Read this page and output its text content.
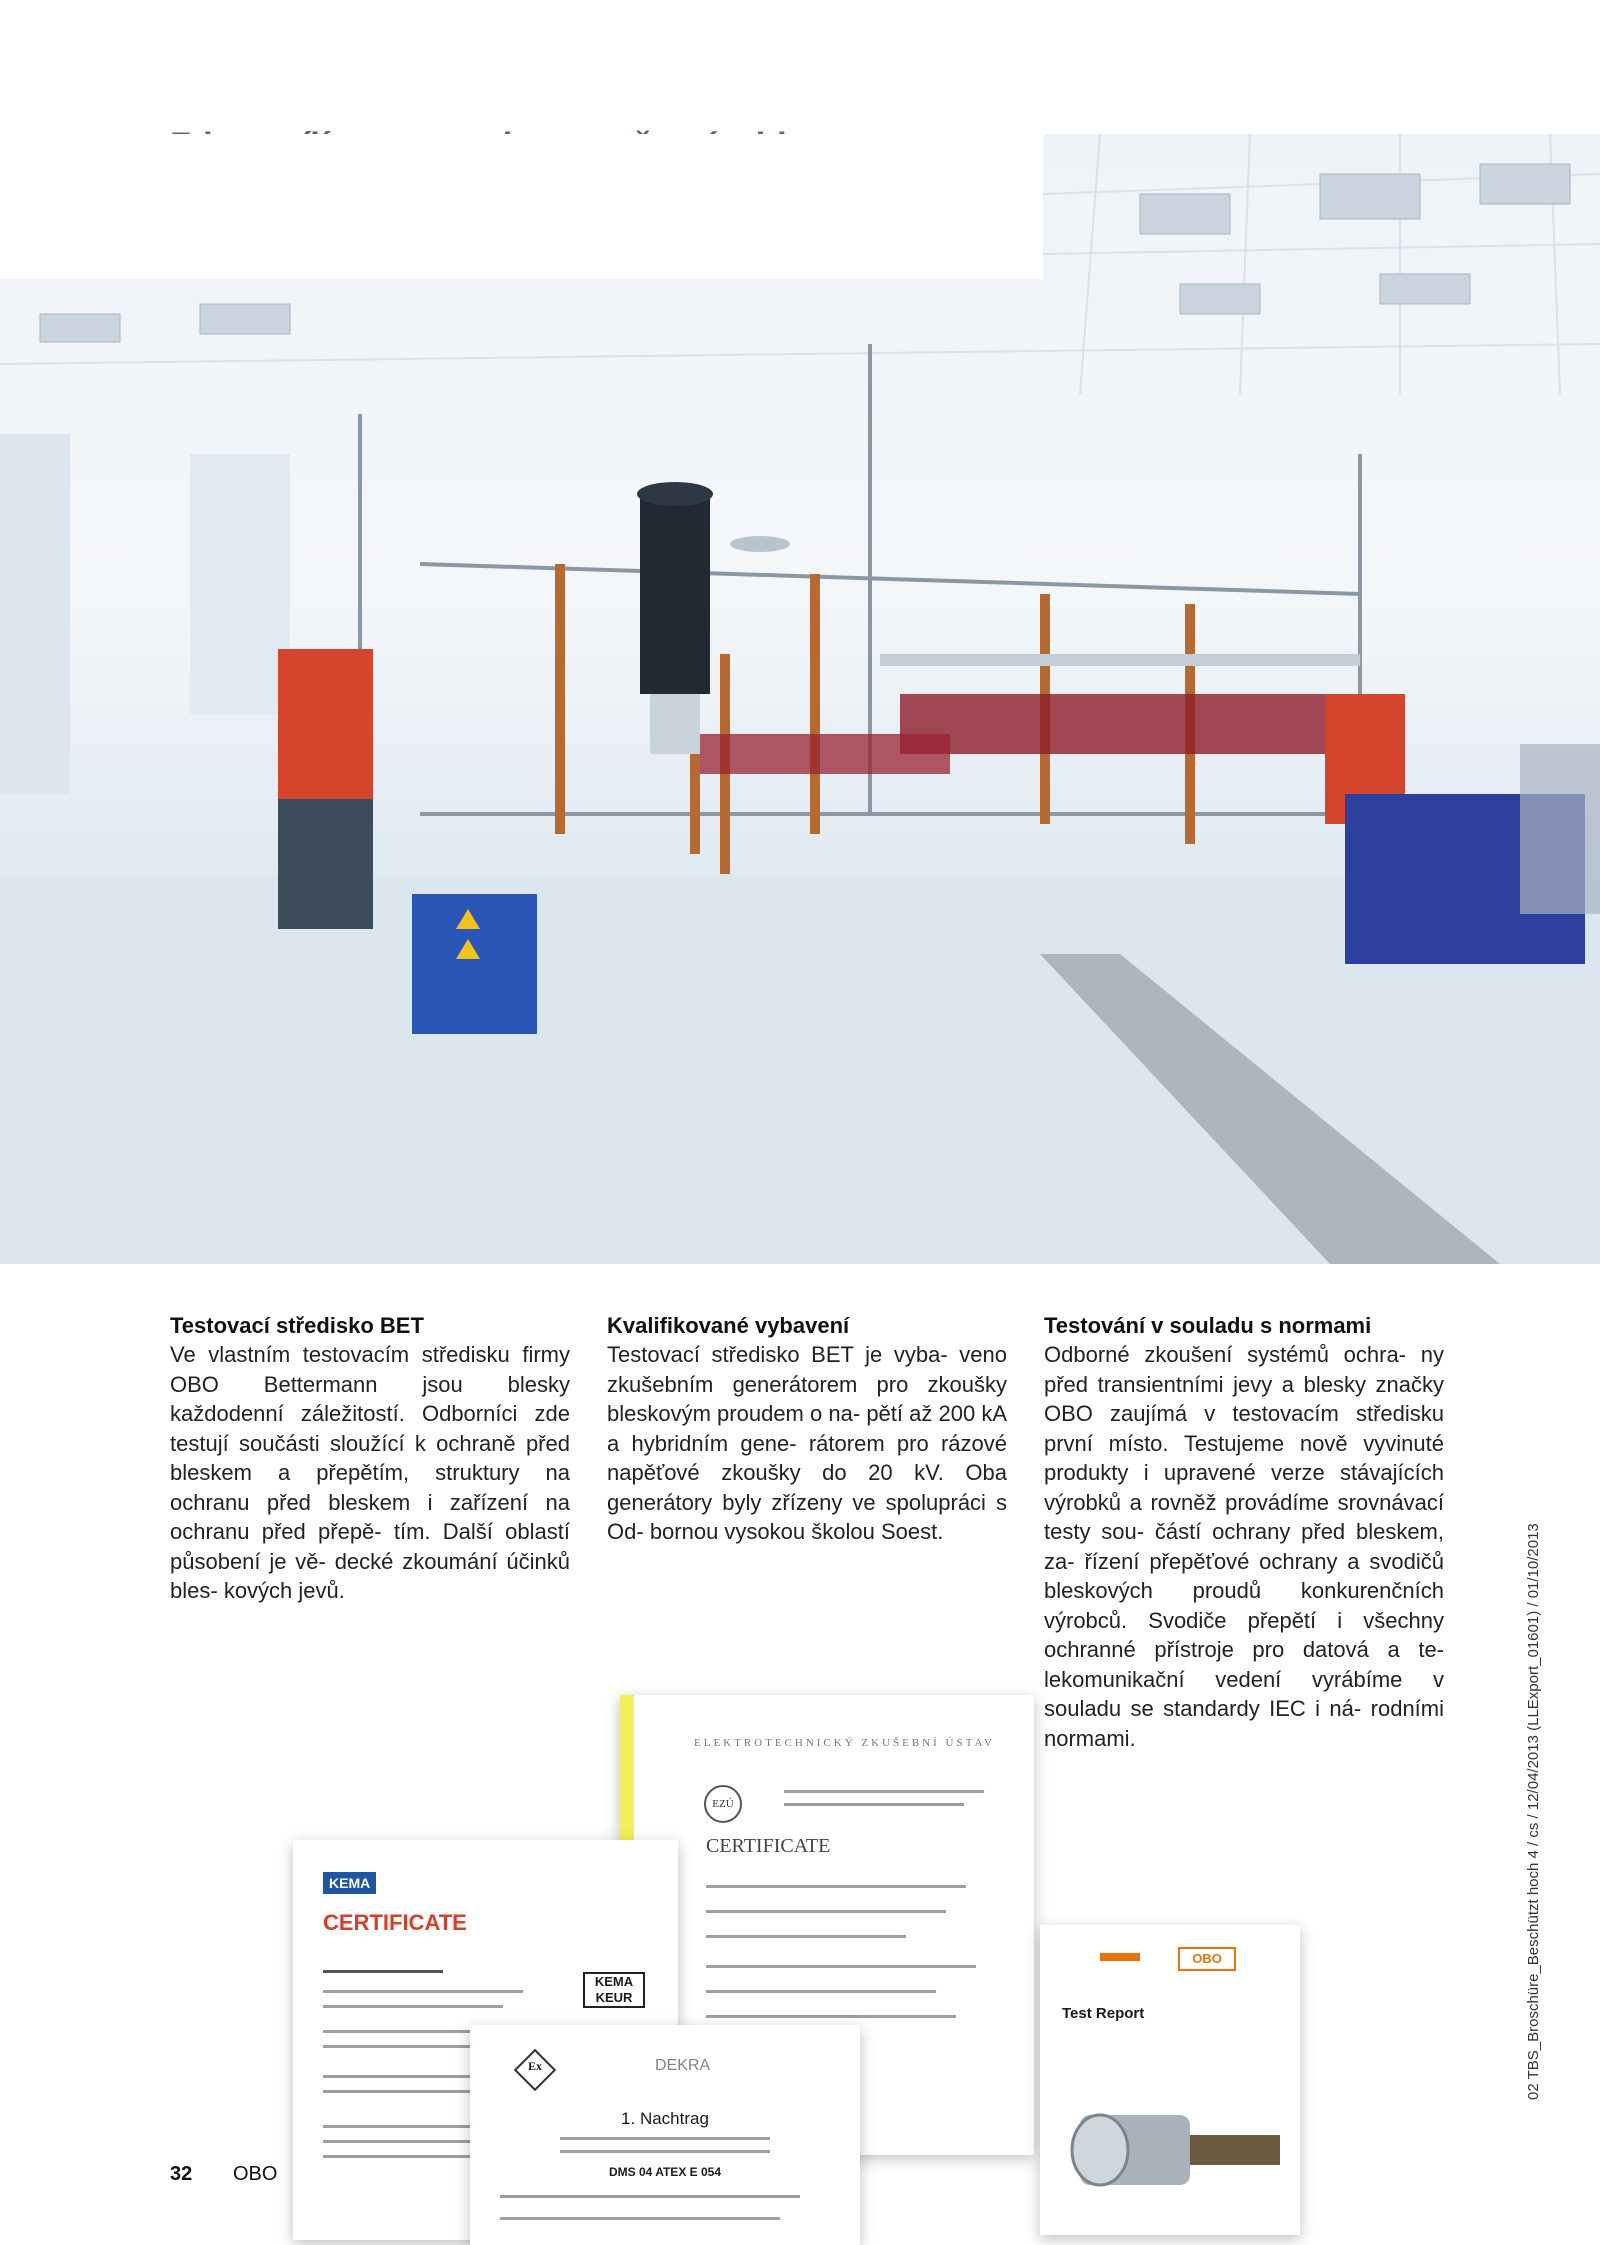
Testovací středisko BET

Ve vlastním testovacím středisku firmy OBO Bettermann jsou blesky každodenní záležitostí. Odborníci zde testují součásti sloužící k ochraně před bleskem a přepětím, struktury na ochranu před bleskem i zařízení na ochranu před přepě- tím. Další oblastí působení je vě- decké zkoumání účinků bles- kových jevů.

Kvalifikované vybavení

Testovací středisko BET je vyba- veno zkušebním generátorem pro zkoušky bleskovým proudem o na- pětí až 200 kA a hybridním gene- rátorem pro rázové napěťové zkoušky do 20 kV. Oba generátory byly zřízeny ve spolupráci s Od- bornou vysokou školou Soest.

Testování v souladu s normami

Odborné zkoušení systémů ochra- ny před transientními jevy a blesky značky OBO zaujímá v testovacím středisku první místo. Testujeme nově vyvinuté produkty i upravené verze stávajících výrobků a rovněž provádíme srovnávací testy sou- částí ochrany před bleskem, za- řízení přepěťové ochrany a svodičů bleskových proudů konkurenčních výrobců. Svodiče přepětí i všechny ochranné přístroje pro datová a te- lekomunikační vedení vyrábíme v souladu se standardy IEC i ná- rodními normami.

ELEKTROTECHNICKÝ ZKUŠEBNÍ ÚSTAV
EZÚ
CERTIFICATE
KEMA
CERTIFICATE
KEMA
KEUR
Ex	DEKRA
1. Nachtrag
DMS 04 ATEX E 054
OBO
Test Report	02 TBS_Broschüre_Beschützt hoch 4 / cs / 12/04/2013 (LLExport_01601) / 01/10/2013
32 OBO
